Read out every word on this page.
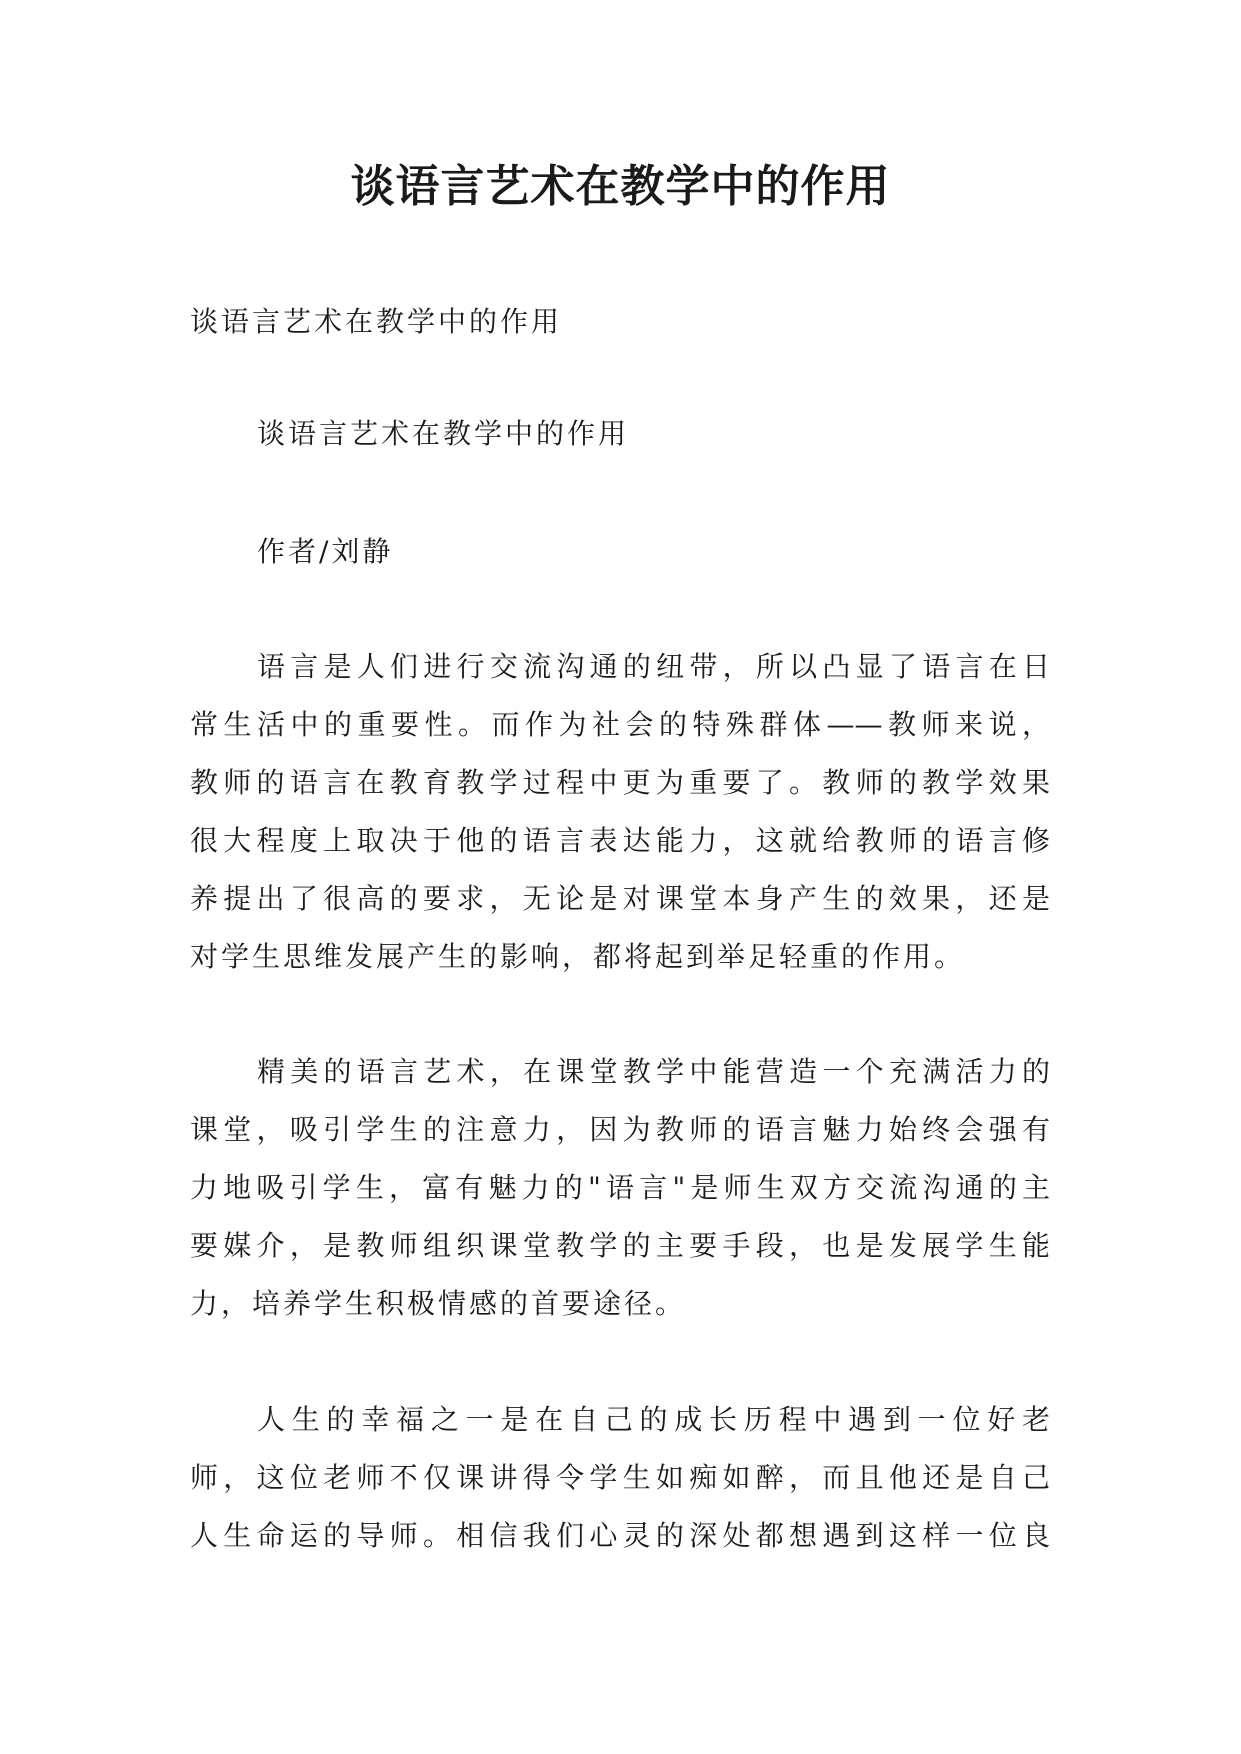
谈语言艺术在教学中的作用
谈语言艺术在教学中的作用
谈语言艺术在教学中的作用
作者/刘静
语言是人们进行交流沟通的纽带，所以凸显了语言在日
常生活中的重要性。而作为社会的特殊群体——教师来说，
教师的语言在教育教学过程中更为重要了。教师的教学效果
很大程度上取决于他的语言表达能力，这就给教师的语言修
养提出了很高的要求，无论是对课堂本身产生的效果，还是
对学生思维发展产生的影响，都将起到举足轻重的作用。
精美的语言艺术，在课堂教学中能营造一个充满活力的
课堂，吸引学生的注意力，因为教师的语言魅力始终会强有
力地吸引学生，富有魅力的"语言"是师生双方交流沟通的主
要媒介，是教师组织课堂教学的主要手段，也是发展学生能
力，培养学生积极情感的首要途径。
人生的幸福之一是在自己的成长历程中遇到一位好老
师，这位老师不仅课讲得令学生如痴如醉，而且他还是自己
人生命运的导师。相信我们心灵的深处都想遇到这样一位良
